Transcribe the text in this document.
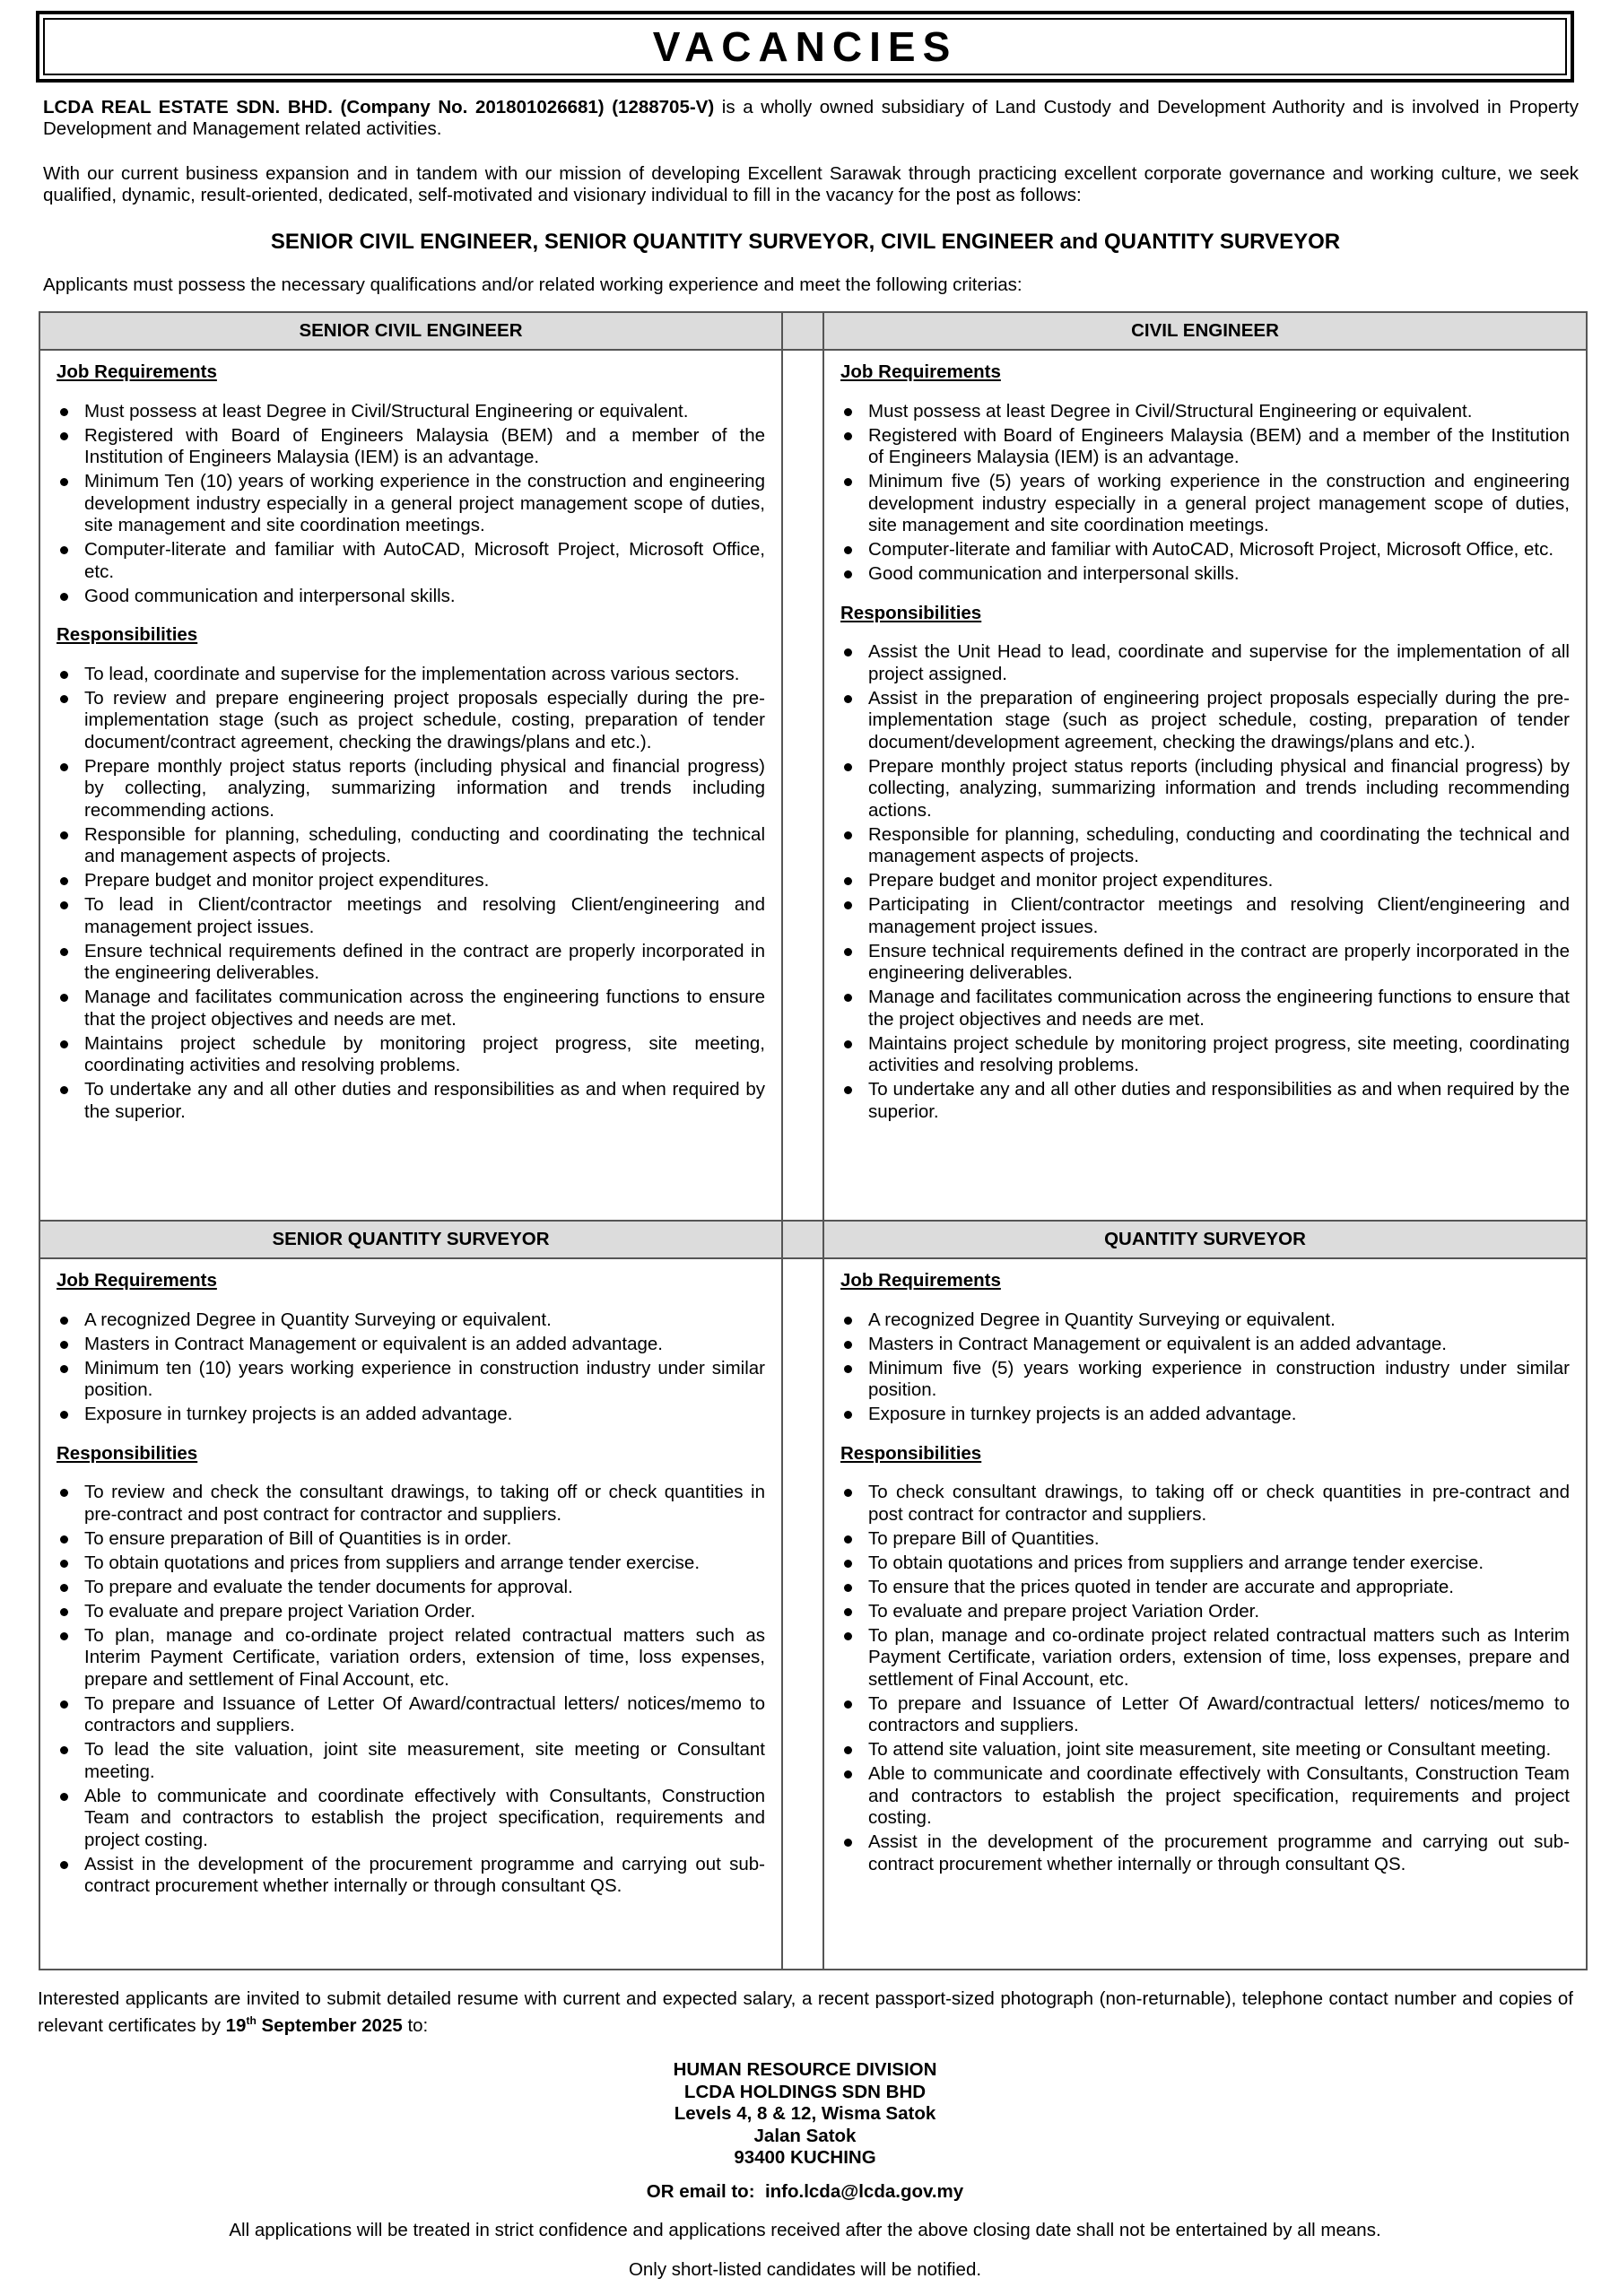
VACANCIES
LCDA REAL ESTATE SDN. BHD. (Company No. 201801026681) (1288705-V) is a wholly owned subsidiary of Land Custody and Development Authority and is involved in Property Development and Management related activities.
With our current business expansion and in tandem with our mission of developing Excellent Sarawak through practicing excellent corporate governance and working culture, we seek qualified, dynamic, result-oriented, dedicated, self-motivated and visionary individual to fill in the vacancy for the post as follows:
SENIOR CIVIL ENGINEER, SENIOR QUANTITY SURVEYOR, CIVIL ENGINEER and QUANTITY SURVEYOR
Applicants must possess the necessary qualifications and/or related working experience and meet the following criterias:
SENIOR CIVIL ENGINEER
Job Requirements
Must possess at least Degree in Civil/Structural Engineering or equivalent.
Registered with Board of Engineers Malaysia (BEM) and a member of the Institution of Engineers Malaysia (IEM) is an advantage.
Minimum Ten (10) years of working experience in the construction and engineering development industry especially in a general project management scope of duties, site management and site coordination meetings.
Computer-literate and familiar with AutoCAD, Microsoft Project, Microsoft Office, etc.
Good communication and interpersonal skills.
Responsibilities
To lead, coordinate and supervise for the implementation across various sectors.
To review and prepare engineering project proposals especially during the pre-implementation stage (such as project schedule, costing, preparation of tender document/contract agreement, checking the drawings/plans and etc.).
Prepare monthly project status reports (including physical and financial progress) by collecting, analyzing, summarizing information and trends including recommending actions.
Responsible for planning, scheduling, conducting and coordinating the technical and management aspects of projects.
Prepare budget and monitor project expenditures.
To lead in Client/contractor meetings and resolving Client/engineering and management project issues.
Ensure technical requirements defined in the contract are properly incorporated in the engineering deliverables.
Manage and facilitates communication across the engineering functions to ensure that the project objectives and needs are met.
Maintains project schedule by monitoring project progress, site meeting, coordinating activities and resolving problems.
To undertake any and all other duties and responsibilities as and when required by the superior.
CIVIL ENGINEER
Job Requirements
Must possess at least Degree in Civil/Structural Engineering or equivalent.
Registered with Board of Engineers Malaysia (BEM) and a member of the Institution of Engineers Malaysia (IEM) is an advantage.
Minimum five (5) years of working experience in the construction and engineering development industry especially in a general project management scope of duties, site management and site coordination meetings.
Computer-literate and familiar with AutoCAD, Microsoft Project, Microsoft Office, etc.
Good communication and interpersonal skills.
Responsibilities
Assist the Unit Head to lead, coordinate and supervise for the implementation of all project assigned.
Assist in the preparation of engineering project proposals especially during the pre-implementation stage (such as project schedule, costing, preparation of tender document/development agreement, checking the drawings/plans and etc.).
Prepare monthly project status reports (including physical and financial progress) by collecting, analyzing, summarizing information and trends including recommending actions.
Responsible for planning, scheduling, conducting and coordinating the technical and management aspects of projects.
Prepare budget and monitor project expenditures.
Participating in Client/contractor meetings and resolving Client/engineering and management project issues.
Ensure technical requirements defined in the contract are properly incorporated in the engineering deliverables.
Manage and facilitates communication across the engineering functions to ensure that the project objectives and needs are met.
Maintains project schedule by monitoring project progress, site meeting, coordinating activities and resolving problems.
To undertake any and all other duties and responsibilities as and when required by the superior.
SENIOR QUANTITY SURVEYOR
Job Requirements
A recognized Degree in Quantity Surveying or equivalent.
Masters in Contract Management or equivalent is an added advantage.
Minimum ten (10) years working experience in construction industry under similar position.
Exposure in turnkey projects is an added advantage.
Responsibilities
To review and check the consultant drawings, to taking off or check quantities in pre-contract and post contract for contractor and suppliers.
To ensure preparation of Bill of Quantities is in order.
To obtain quotations and prices from suppliers and arrange tender exercise.
To prepare and evaluate the tender documents for approval.
To evaluate and prepare project Variation Order.
To plan, manage and co-ordinate project related contractual matters such as Interim Payment Certificate, variation orders, extension of time, loss expenses, prepare and settlement of Final Account, etc.
To prepare and Issuance of Letter Of Award/contractual letters/ notices/memo to contractors and suppliers.
To lead the site valuation, joint site measurement, site meeting or Consultant meeting.
Able to communicate and coordinate effectively with Consultants, Construction Team and contractors to establish the project specification, requirements and project costing.
Assist in the development of the procurement programme and carrying out sub-contract procurement whether internally or through consultant QS.
QUANTITY SURVEYOR
Job Requirements
A recognized Degree in Quantity Surveying or equivalent.
Masters in Contract Management or equivalent is an added advantage.
Minimum five (5) years working experience in construction industry under similar position.
Exposure in turnkey projects is an added advantage.
Responsibilities
To check consultant drawings, to taking off or check quantities in pre-contract and post contract for contractor and suppliers.
To prepare Bill of Quantities.
To obtain quotations and prices from suppliers and arrange tender exercise.
To ensure that the prices quoted in tender are accurate and appropriate.
To evaluate and prepare project Variation Order.
To plan, manage and co-ordinate project related contractual matters such as Interim Payment Certificate, variation orders, extension of time, loss expenses, prepare and settlement of Final Account, etc.
To prepare and Issuance of Letter Of Award/contractual letters/ notices/memo to contractors and suppliers.
To attend site valuation, joint site measurement, site meeting or Consultant meeting.
Able to communicate and coordinate effectively with Consultants, Construction Team and contractors to establish the project specification, requirements and project costing.
Assist in the development of the procurement programme and carrying out sub-contract procurement whether internally or through consultant QS.
Interested applicants are invited to submit detailed resume with current and expected salary, a recent passport-sized photograph (non-returnable), telephone contact number and copies of relevant certificates by 19th September 2025 to:
HUMAN RESOURCE DIVISION
LCDA HOLDINGS SDN BHD
Levels 4, 8 & 12, Wisma Satok
Jalan Satok
93400 KUCHING
OR email to: info.lcda@lcda.gov.my
All applications will be treated in strict confidence and applications received after the above closing date shall not be entertained by all means.
Only short-listed candidates will be notified.
